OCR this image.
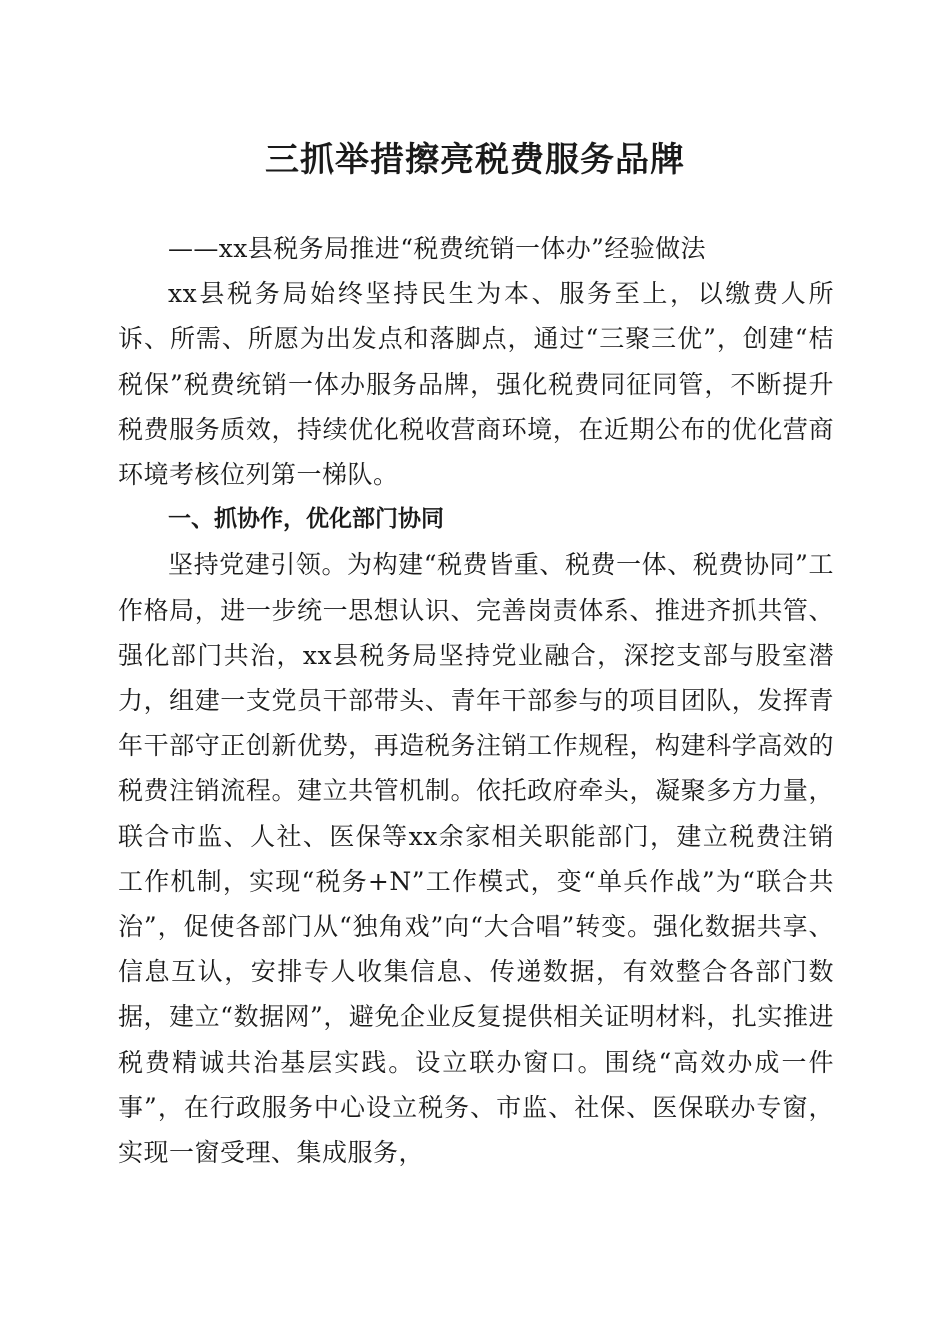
三抓举措擦亮税费服务品牌

——xx县税务局推进“税费统销一体办”经验做法

xx县税务局始终坚持民生为本、服务至上，以缴费人所诉、所需、所愿为出发点和落脚点，通过“三聚三优”，创建“桔税保”税费统销一体办服务品牌，强化税费同征同管，不断提升税费服务质效，持续优化税收营商环境，在近期公布的优化营商环境考核位列第一梯队。

一、抓协作，优化部门协同

坚持党建引领。为构建“税费皆重、税费一体、税费协同”工作格局，进一步统一思想认识、完善岗责体系、推进齐抓共管、强化部门共治，xx县税务局坚持党业融合，深挖支部与股室潜力，组建一支党员干部带头、青年干部参与的项目团队，发挥青年干部守正创新优势，再造税务注销工作规程，构建科学高效的税费注销流程。建立共管机制。依托政府牵头，凝聚多方力量，联合市监、人社、医保等xx余家相关职能部门，建立税费注销工作机制，实现“税务+N”工作模式，变“单兵作战”为“联合共治”，促使各部门从“独角戏”向“大合唱”转变。强化数据共享、信息互认，安排专人收集信息、传递数据，有效整合各部门数据，建立“数据网”，避免企业反复提供相关证明材料，扎实推进税费精诚共治基层实践。设立联办窗口。围绕“高效办成一件事”，在行政服务中心设立税务、市监、社保、医保联办专窗，实现一窗受理、集成服务，
